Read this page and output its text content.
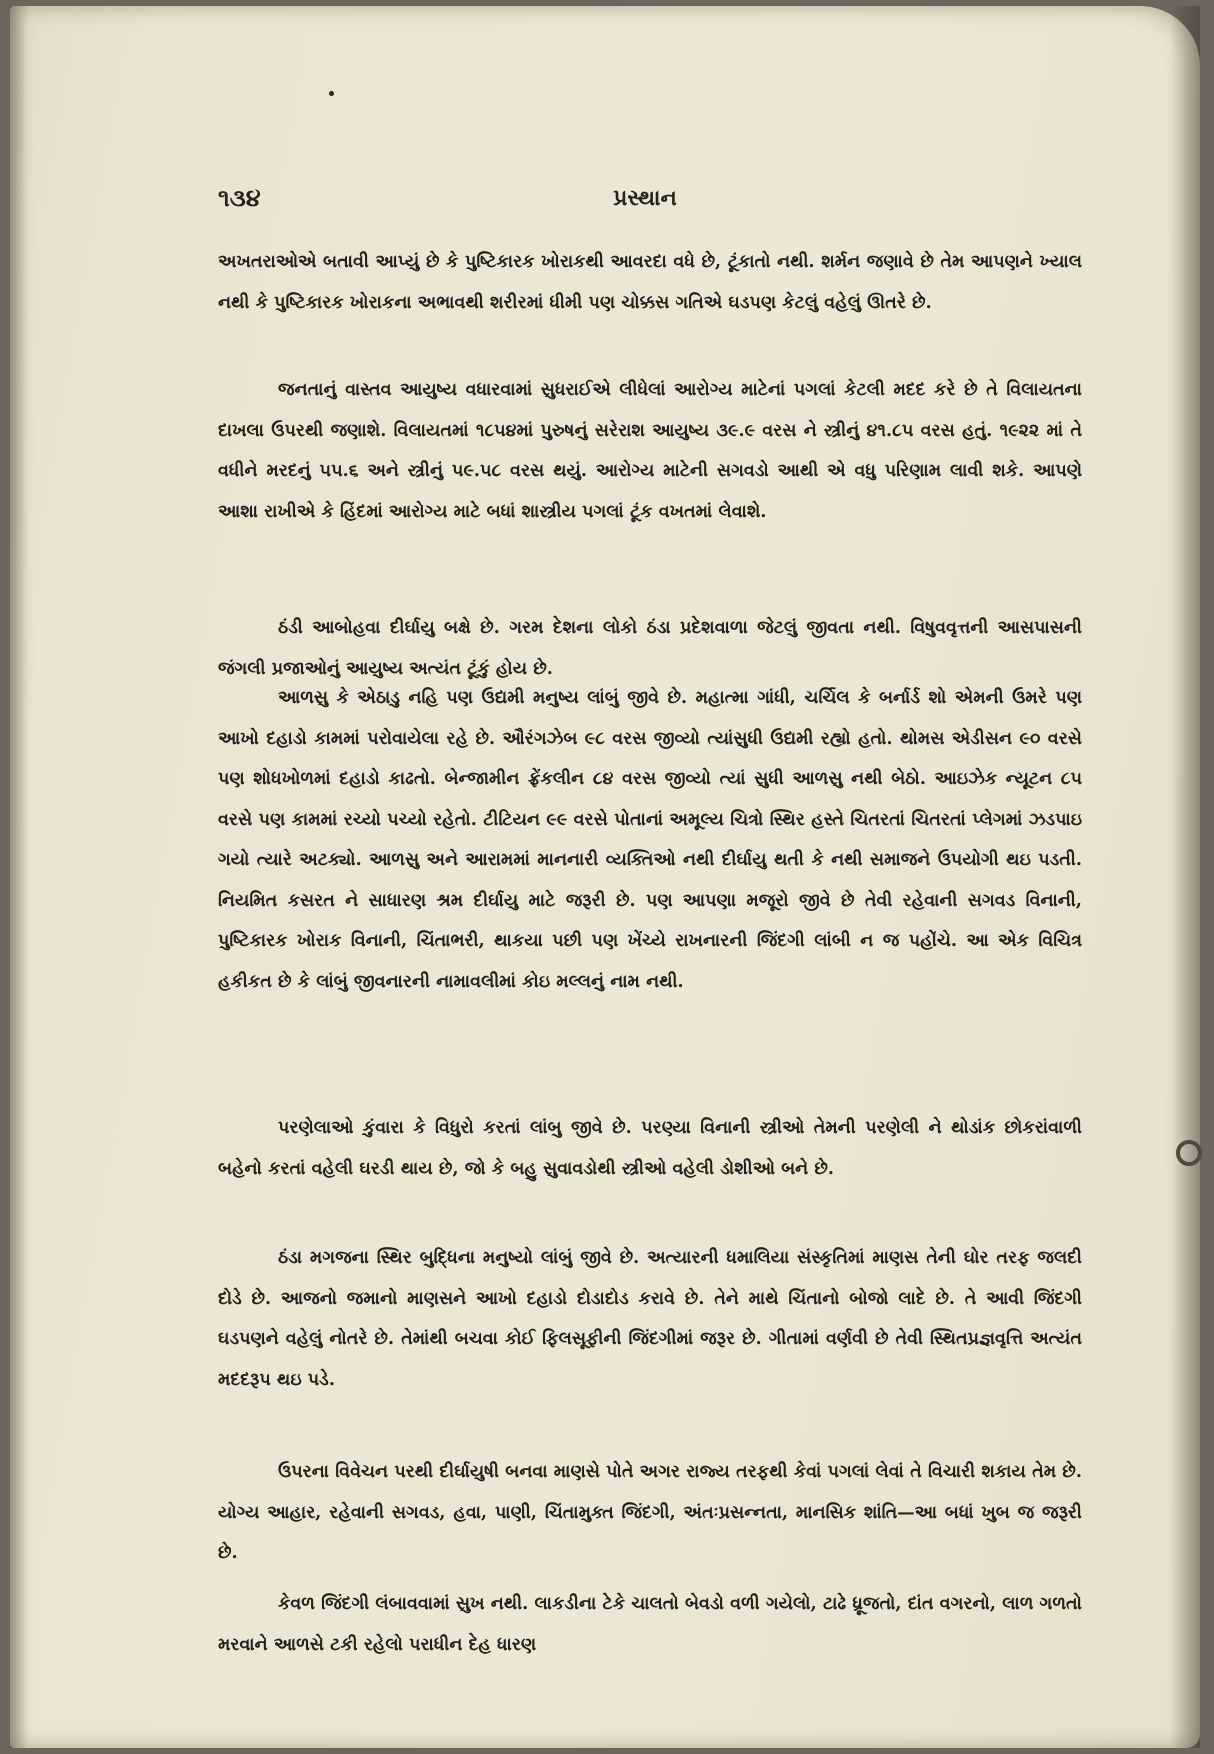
૧૩૪	પ્રસ્થાન

અખતરાઓએ બતાવી આપ્યું છે કે પુષ્ટિકારક ખોરાકથી આવરદા વધે છે, ટૂંકાતો નથી. શર્મન જણાવે છે તેમ આપણને ખ્યાલ નથી કે પુષ્ટિકારક ખોરાકના અભાવથી શરીરમાં ધીમી પણ ચોક્કસ ગતિએ ઘડપણ કેટલું વહેલું ઊતરે છે.

જનતાનું વાસ્તવ આયુષ્ય વધારવામાં સુધરાઈએ લીધેલાં આરોગ્ય માટેનાં પગલાં કેટલી મદદ કરે છે તે વિલાયતના દાખલા ઉપરથી જણાશે. વિલાયતમાં ૧૮૫૪માં પુરુષનું સરેરાશ આયુષ્ય ૩૯.૯ વરસ ને સ્ત્રીનું ૪૧.૮૫ વરસ હતું. ૧૯૨૨ માં તે વધીને મરદનું ૫૫.૬ અને સ્ત્રીનું ૫૯.૫૮ વરસ થયું. આરોગ્ય માટેની સગવડો આથી એ વધુ પરિણામ લાવી શકે. આપણે આશા રાખીએ કે હિંદમાં આરોગ્ય માટે બધાં શાસ્ત્રીય પગલાં ટૂંક વખતમાં લેવાશે.

ઠંડી આબોહવા દીર્ઘાયુ બક્ષે છે. ગરમ દેશના લોકો ઠંડા પ્રદેશવાળા જેટલું જીવતા નથી. વિષુવવૃત્તની આસપાસની જંગલી પ્રજાઓનું આયુષ્ય અત્યંત ટૂંકું હોય છે.

આળસુ કે એઠાડુ નહિ પણ ઉદ્યમી મનુષ્ય લાંબું જીવે છે. મહાત્મા ગાંધી, ચર્ચિલ કે બર્નાર્ડ શો એમની ઉમરે પણ આખો દહાડો કામમાં પરોવાયેલા રહે છે. ઔરંગઝેબ ૯૮ વરસ જીવ્યો ત્યાંસુધી ઉદ્યમી રહ્યો હતો. થોમસ એડીસન ૯૦ વરસે પણ શોધખોળમાં દહાડો કાઢતો. બેન્જામીન ફ્રેંકલીન ૮૪ વરસ જીવ્યો ત્યાં સુધી આળસુ નથી બેઠો. આઇઝેક ન્યૂટન ૮૫ વરસે પણ કામમાં રચ્યો પચ્યો રહેતો. ટીટિયન ૯૯ વરસે પોતાનાં અમૂલ્ય ચિત્રો સ્થિર હસ્તે ચિતરતાં ચિતરતાં પ્લેગમાં ઝડપાઇ ગયો ત્યારે અટક્યો. આળસુ અને આરામમાં માનનારી વ્યક્તિઓ નથી દીર્ઘાયુ થતી કે નથી સમાજને ઉપયોગી થઇ પડતી. નિયમિત કસરત ને સાધારણ શ્રમ દીર્ઘાયુ માટે જરૂરી છે. પણ આપણા મજૂરો જીવે છે તેવી રહેવાની સગવડ વિનાની, પુષ્ટિકારક ખોરાક વિનાની, ચિંતાભરી, થાકયા પછી પણ ખેંચ્યે રાખનારની જિંદગી લાંબી ન જ પહોંચે. આ એક વિચિત્ર હકીકત છે કે લાંબું જીવનારની નામાવલીમાં કોઇ મલ્લનું નામ નથી.

પરણેલાઓ કુંવારા કે વિધુરો કરતાં લાંબુ જીવે છે. પરણ્યા વિનાની સ્ત્રીઓ તેમની પરણેલી ને થોડાંક છોકરાંવાળી બહેનો કરતાં વહેલી ઘરડી થાય છે, જો કે બહુ સુવાવડોથી સ્ત્રીઓ વહેલી ડોશીઓ બને છે.

ઠંડા મગજના સ્થિર બુદ્ધિના મનુષ્યો લાંબું જીવે છે. અત્યારની ધમાલિયા સંસ્કૃતિમાં માણસ તેની ઘોર તરફ જલદી દોડે છે. આજનો જમાનો માણસને આખો દહાડો દોડાદોડ કરાવે છે. તેને માથે ચિંતાનો બોજો લાદે છે. તે આવી જિંદગી ઘડપણને વહેલું નોતરે છે. તેમાંથી બચવા કોઈ ફિલસૂફીની જિંદગીમાં જરૂર છે. ગીતામાં વર્ણવી છે તેવી સ્થિતપ્રજ્ઞવૃત્તિ અત્યંત મદદરૂપ થઇ પડે.

ઉપરના વિવેચન પરથી દીર્ઘાયુષી બનવા માણસે પોતે અગર રાજ્ય તરફથી કેવાં પગલાં લેવાં તે વિચારી શકાય તેમ છે. યોગ્ય આહાર, રહેવાની સગવડ, હવા, પાણી, ચિંતામુક્ત જિંદગી, અંતઃપ્રસન્નતા, માનસિક શાંતિ—આ બધાં ખુબ જ જરૂરી છે.

કેવળ જિંદગી લંબાવવામાં સુખ નથી. લાકડીના ટેકે ચાલતો બેવડો વળી ગયેલો, ટાઢે ધ્રૂજતો, દાંત વગરનો, લાળ ગળતો મરવાને આળસે ટકી રહેલો પરાધીન દેહ ધારણ
